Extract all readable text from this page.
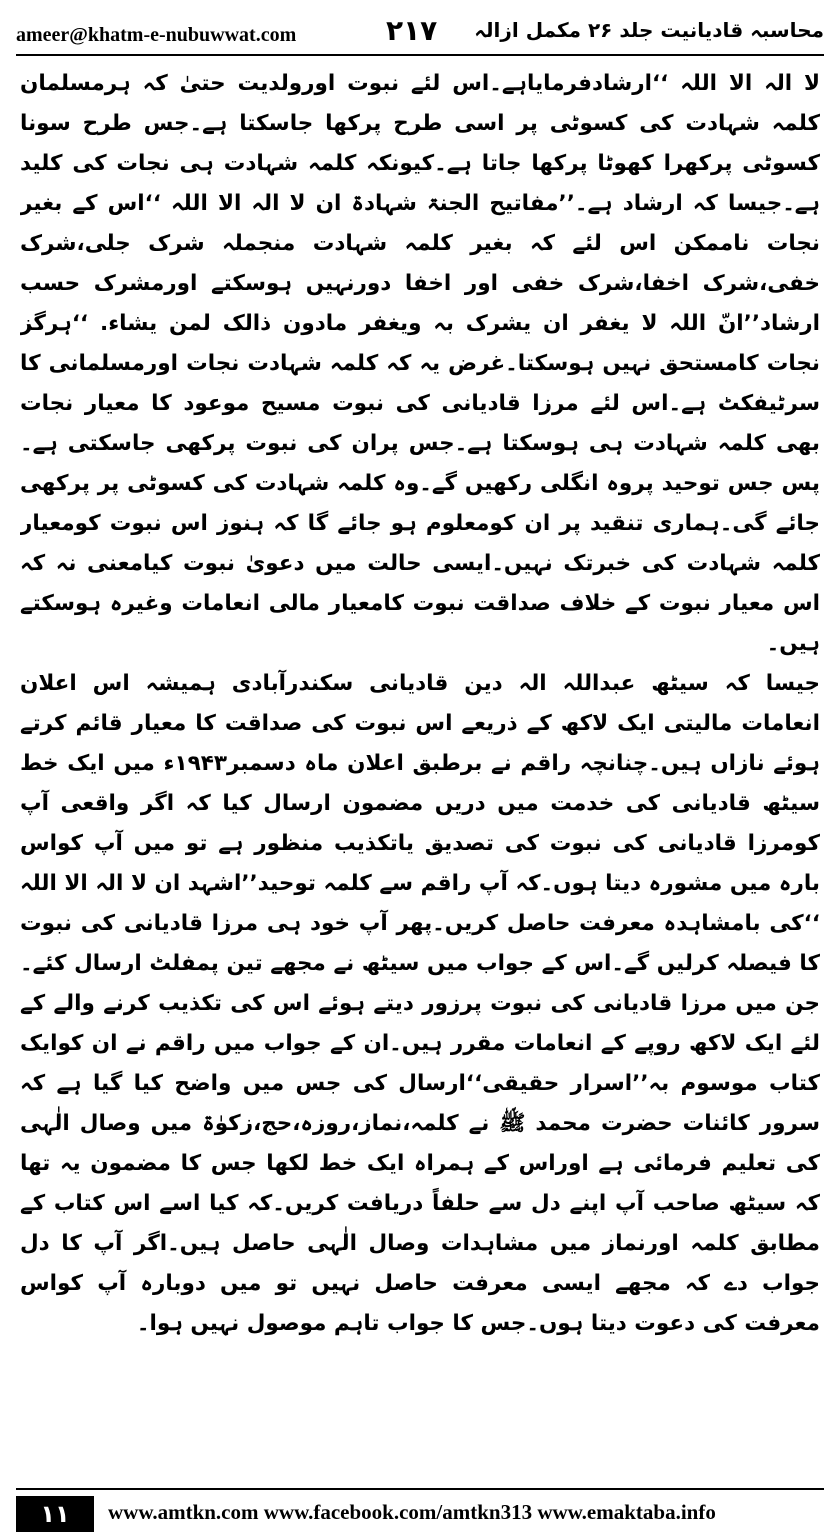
ameer@khatm-e-nubuwwat.com	۲۱۷ محاسبہ قادیانیت جلد ۲۶ مکمل ازالہ

لا الہ الا اللہ ‘‘ارشادفرمایاہے۔اس لئے نبوت اورولدیت حتیٰ کہ ہرمسلمان کلمہ شہادت کی کسوٹی پر اسی طرح پرکھا جاسکتا ہے۔جس طرح سونا کسوٹی پرکھرا کھوٹا پرکھا جاتا ہے۔کیونکہ کلمہ شہادت ہی نجات کی کلید ہے۔جیسا کہ ارشاد ہے۔’’مفاتیح الجنۃ شہادۃ ان لا الہ الا اللہ ‘‘اس کے بغیر نجات ناممکن اس لئے کہ بغیر کلمہ شہادت منجملہ شرک جلی،شرک خفی،شرک اخفا،شرک خفی اور اخفا دورنہیں ہوسکتے اورمشرک حسب ارشاد’’انّ اللہ لا یغفر ان یشرک بہ ویغفر مادون ذالک لمن یشاء. ‘‘ہرگز نجات کامستحق نہیں ہوسکتا۔غرض یہ کہ کلمہ شہادت نجات اورمسلمانی کا سرٹیفکٹ ہے۔اس لئے مرزا قادیانی کی نبوت مسیح موعود کا معیار نجات بھی کلمہ شہادت ہی ہوسکتا ہے۔جس پران کی نبوت پرکھی جاسکتی ہے۔پس جس توحید پروہ انگلی رکھیں گے۔وہ کلمہ شہادت کی کسوٹی پر پرکھی جائے گی۔ہماری تنقید پر ان کومعلوم ہو جائے گا کہ ہنوز اس نبوت کومعیار کلمہ شہادت کی خبرتک نہیں۔ایسی حالت میں دعویٰ نبوت کیامعنی نہ کہ اس معیار نبوت کے خلاف صداقت نبوت کامعیار مالی انعامات وغیرہ ہوسکتے ہیں۔

جیسا کہ سیٹھ عبداللہ الہ دین قادیانی سکندرآبادی ہمیشہ اس اعلان انعامات مالیتی ایک لاکھ کے ذریعے اس نبوت کی صداقت کا معیار قائم کرتے ہوئے نازاں ہیں۔چنانچہ راقم نے برطبق اعلان ماہ دسمبر۱۹۴۳ء میں ایک خط سیٹھ قادیانی کی خدمت میں دریں مضمون ارسال کیا کہ اگر واقعی آپ کومرزا قادیانی کی نبوت کی تصدیق یاتکذیب منظور ہے تو میں آپ کواس بارہ میں مشورہ دیتا ہوں۔کہ آپ راقم سے کلمہ توحید’’اشہد ان لا الہ الا اللہ ‘‘کی بامشاہدہ معرفت حاصل کریں۔پھر آپ خود ہی مرزا قادیانی کی نبوت کا فیصلہ کرلیں گے۔اس کے جواب میں سیٹھ نے مجھے تین پمفلٹ ارسال کئے۔جن میں مرزا قادیانی کی نبوت پرزور دیتے ہوئے اس کی تکذیب کرنے والے کے لئے ایک لاکھ روپے کے انعامات مقرر ہیں۔ان کے جواب میں راقم نے ان کوایک کتاب موسوم بہ’’اسرار حقیقی‘‘ارسال کی جس میں واضح کیا گیا ہے کہ سرور کائنات حضرت محمد ﷺ نے کلمہ،نماز،روزہ،حج،زکوٰۃ میں وصال الٰہی کی تعلیم فرمائی ہے اوراس کے ہمراہ ایک خط لکھا جس کا مضمون یہ تھا کہ سیٹھ صاحب آپ اپنے دل سے حلفاً دریافت کریں۔کہ کیا اسے اس کتاب کے مطابق کلمہ اورنماز میں مشاہدات وصال الٰہی حاصل ہیں۔اگر آپ کا دل جواب دے کہ مجھے ایسی معرفت حاصل نہیں تو میں دوبارہ آپ کواس معرفت کی دعوت دیتا ہوں۔جس کا جواب تاہم موصول نہیں ہوا۔

۱۱	www.amtkn.com www.facebook.com/amtkn313 www.emaktaba.info
